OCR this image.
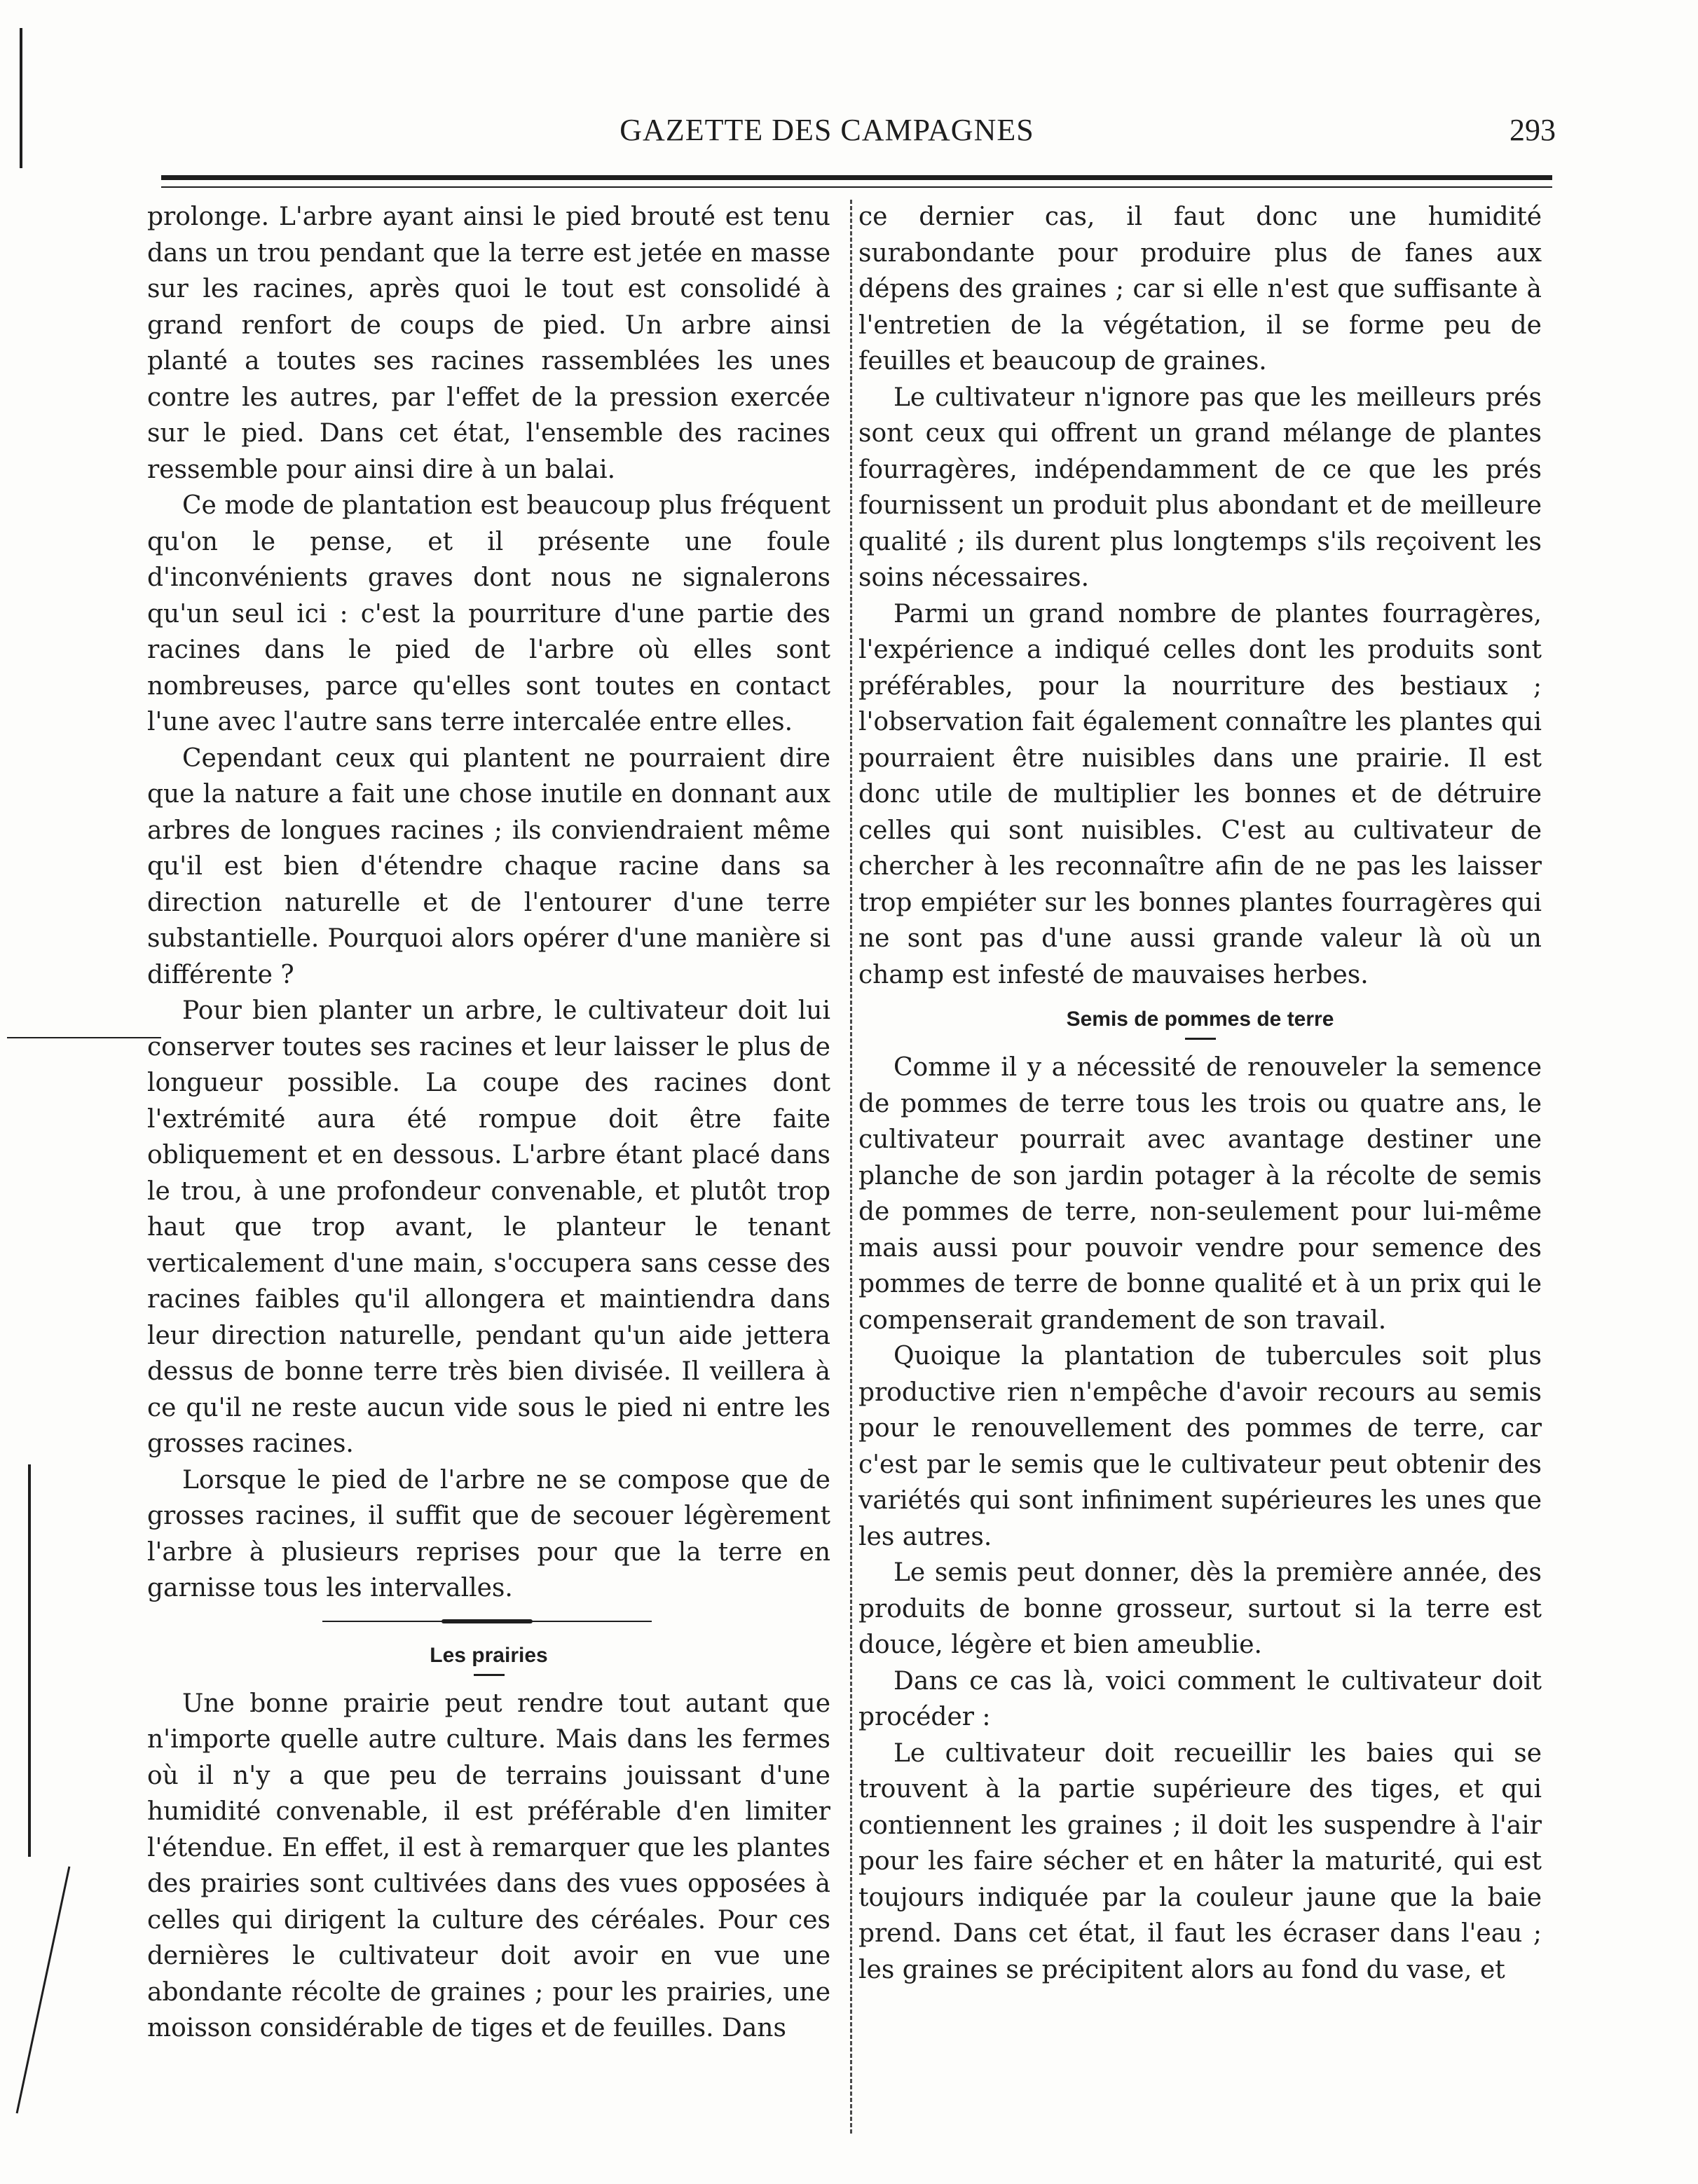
GAZETTE DES CAMPAGNES	293

prolonge. L'arbre ayant ainsi le pied brouté est tenu dans un trou pendant que la terre est jetée en masse sur les racines, après quoi le tout est consolidé à grand renfort de coups de pied. Un arbre ainsi planté a toutes ses racines rassemblées les unes contre les autres, par l'effet de la pression exercée sur le pied. Dans cet état, l'ensemble des racines ressemble pour ainsi dire à un balai.

Ce mode de plantation est beaucoup plus fréquent qu'on le pense, et il présente une foule d'inconvénients graves dont nous ne signalerons qu'un seul ici : c'est la pourriture d'une partie des racines dans le pied de l'arbre où elles sont nombreuses, parce qu'elles sont toutes en contact l'une avec l'autre sans terre intercalée entre elles.

Cependant ceux qui plantent ne pourraient dire que la nature a fait une chose inutile en donnant aux arbres de longues racines ; ils conviendraient même qu'il est bien d'étendre chaque racine dans sa direction naturelle et de l'entourer d'une terre substantielle. Pourquoi alors opérer d'une manière si différente ?

Pour bien planter un arbre, le cultivateur doit lui conserver toutes ses racines et leur laisser le plus de longueur possible. La coupe des racines dont l'extrémité aura été rompue doit être faite obliquement et en dessous. L'arbre étant placé dans le trou, à une profondeur convenable, et plutôt trop haut que trop avant, le planteur le tenant verticalement d'une main, s'occupera sans cesse des racines faibles qu'il allongera et maintiendra dans leur direction naturelle, pendant qu'un aide jettera dessus de bonne terre très bien divisée. Il veillera à ce qu'il ne reste aucun vide sous le pied ni entre les grosses racines.

Lorsque le pied de l'arbre ne se compose que de grosses racines, il suffit que de secouer légèrement l'arbre à plusieurs reprises pour que la terre en garnisse tous les intervalles.

Les prairies

Une bonne prairie peut rendre tout autant que n'importe quelle autre culture. Mais dans les fermes où il n'y a que peu de terrains jouissant d'une humidité convenable, il est préférable d'en limiter l'étendue. En effet, il est à remarquer que les plantes des prairies sont cultivées dans des vues opposées à celles qui dirigent la culture des céréales. Pour ces dernières le cultivateur doit avoir en vue une abondante récolte de graines ; pour les prairies, une moisson considérable de tiges et de feuilles. Dans

ce dernier cas, il faut donc une humidité surabondante pour produire plus de fanes aux dépens des graines ; car si elle n'est que suffisante à l'entretien de la végétation, il se forme peu de feuilles et beaucoup de graines.

Le cultivateur n'ignore pas que les meilleurs prés sont ceux qui offrent un grand mélange de plantes fourragères, indépendamment de ce que les prés fournissent un produit plus abondant et de meilleure qualité ; ils durent plus longtemps s'ils reçoivent les soins nécessaires.

Parmi un grand nombre de plantes fourragères, l'expérience a indiqué celles dont les produits sont préférables, pour la nourriture des bestiaux ; l'observation fait également connaître les plantes qui pourraient être nuisibles dans une prairie. Il est donc utile de multiplier les bonnes et de détruire celles qui sont nuisibles. C'est au cultivateur de chercher à les reconnaître afin de ne pas les laisser trop empiéter sur les bonnes plantes fourragères qui ne sont pas d'une aussi grande valeur là où un champ est infesté de mauvaises herbes.

Semis de pommes de terre

Comme il y a nécessité de renouveler la semence de pommes de terre tous les trois ou quatre ans, le cultivateur pourrait avec avantage destiner une planche de son jardin potager à la récolte de semis de pommes de terre, non-seulement pour lui-même mais aussi pour pouvoir vendre pour semence des pommes de terre de bonne qualité et à un prix qui le compenserait grandement de son travail.

Quoique la plantation de tubercules soit plus productive rien n'empêche d'avoir recours au semis pour le renouvellement des pommes de terre, car c'est par le semis que le cultivateur peut obtenir des variétés qui sont infiniment supérieures les unes que les autres.

Le semis peut donner, dès la première année, des produits de bonne grosseur, surtout si la terre est douce, légère et bien ameublie.

Dans ce cas là, voici comment le cultivateur doit procéder :

Le cultivateur doit recueillir les baies qui se trouvent à la partie supérieure des tiges, et qui contiennent les graines ; il doit les suspendre à l'air pour les faire sécher et en hâter la maturité, qui est toujours indiquée par la couleur jaune que la baie prend. Dans cet état, il faut les écraser dans l'eau ; les graines se précipitent alors au fond du vase, et
